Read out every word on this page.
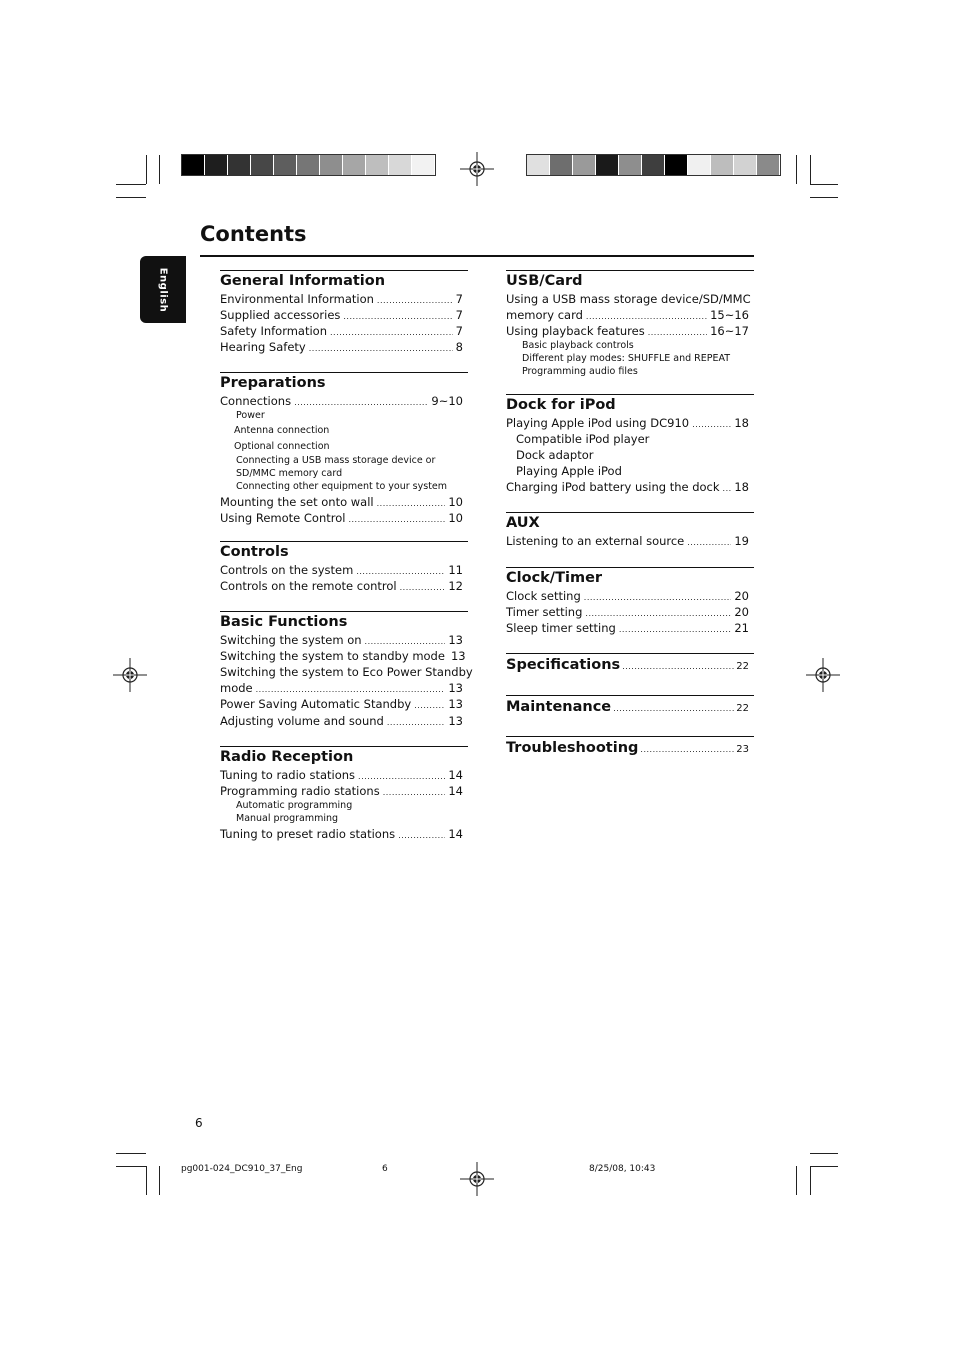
Contents
English	General Information
Environmental Information .....	7
Supplied accessories .....	7
Safety Information .....	7
Hearing Safety .....	8
Preparations
Connections .....	9~10
Power
Antenna connection
Optional connection
Connecting a USB mass storage device or
SD/MMC memory card
Connecting other equipment to your system
Mounting the set onto wall .....	10
Using Remote Control .....	10
Controls
Controls on the system .....	11
Controls on the remote control .....	12
Basic Functions
Switching the system on .....	13
Switching the system to standby mode 13
Switching the system to Eco Power Standby
mode .....	13
Power Saving Automatic Standby .....	13
Adjusting volume and sound .....	13
Radio Reception
Tuning to radio stations .....	14
Programming radio stations .....	14
Automatic programming
Manual programming
Tuning to preset radio stations .....	14
USB/Card
Using a USB mass storage device/SD/MMC
memory card .....	15~16
Using playback features .....	16~17
Basic playback controls
Different play modes: SHUFFLE and REPEAT
Programming audio files
Dock for iPod
Playing Apple iPod using DC910 .....	18
Compatible iPod player
Dock adaptor
Playing Apple iPod
Charging iPod battery using the dock ..... 18
AUX
Listening to an external source .....	19
Clock/Timer
Clock setting .....	20
Timer setting .....	20
Sleep timer setting .....	21
Specifications .....	22
Maintenance .....	22
Troubleshooting .....	23
6
pg001-024_DC910_37_Eng	6	8/25/08, 10:43
